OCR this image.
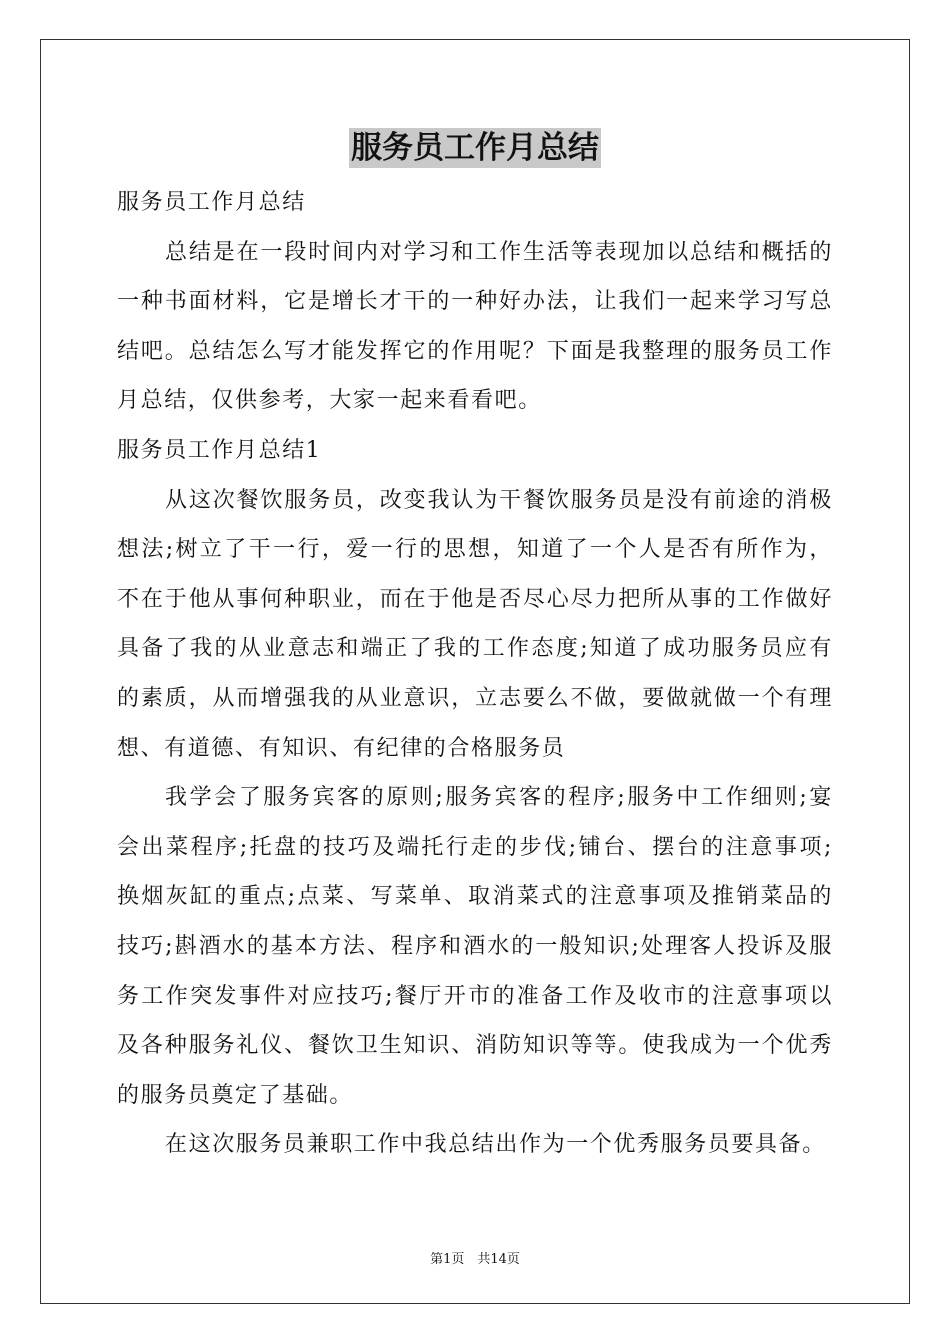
服务员工作月总结
服务员工作月总结
总结是在一段时间内对学习和工作生活等表现加以总结和概括的
一种书面材料，它是增长才干的一种好办法，让我们一起来学习写总
结吧。总结怎么写才能发挥它的作用呢？下面是我整理的服务员工作
月总结，仅供参考，大家一起来看看吧。
服务员工作月总结1
从这次餐饮服务员，改变我认为干餐饮服务员是没有前途的消极
想法;树立了干一行，爱一行的思想，知道了一个人是否有所作为，
不在于他从事何种职业，而在于他是否尽心尽力把所从事的工作做好
具备了我的从业意志和端正了我的工作态度;知道了成功服务员应有
的素质，从而增强我的从业意识，立志要么不做，要做就做一个有理
想、有道德、有知识、有纪律的合格服务员
我学会了服务宾客的原则;服务宾客的程序;服务中工作细则;宴
会出菜程序;托盘的技巧及端托行走的步伐;铺台、摆台的注意事项;
换烟灰缸的重点;点菜、写菜单、取消菜式的注意事项及推销菜品的
技巧;斟酒水的基本方法、程序和酒水的一般知识;处理客人投诉及服
务工作突发事件对应技巧;餐厅开市的准备工作及收市的注意事项以
及各种服务礼仪、餐饮卫生知识、消防知识等等。使我成为一个优秀
的服务员奠定了基础。
在这次服务员兼职工作中我总结出作为一个优秀服务员要具备。
第1页　共14页
